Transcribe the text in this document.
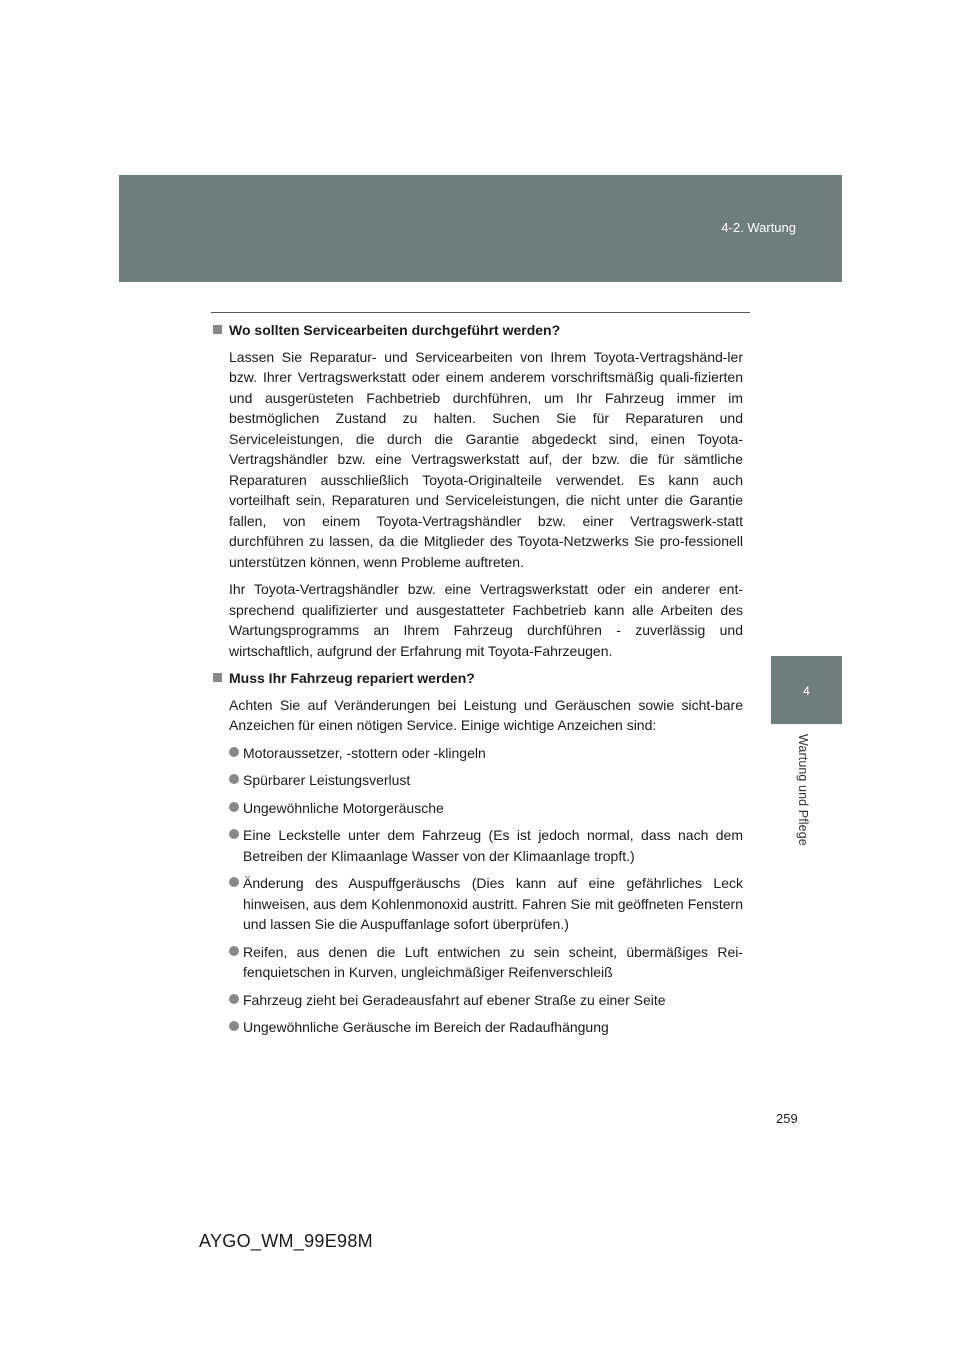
4-2. Wartung
4
Wartung und Pflege
Wo sollten Servicearbeiten durchgeführt werden?

Lassen Sie Reparatur- und Servicearbeiten von Ihrem Toyota-Vertragshänd-ler bzw. Ihrer Vertragswerkstatt oder einem anderem vorschriftsmäßig quali-fizierten und ausgerüsteten Fachbetrieb durchführen, um Ihr Fahrzeug immer im bestmöglichen Zustand zu halten. Suchen Sie für Reparaturen und Serviceleistungen, die durch die Garantie abgedeckt sind, einen Toyota-Vertragshändler bzw. eine Vertragswerkstatt auf, der bzw. die für sämtliche Reparaturen ausschließlich Toyota-Originalteile verwendet. Es kann auch vorteilhaft sein, Reparaturen und Serviceleistungen, die nicht unter die Garantie fallen, von einem Toyota-Vertragshändler bzw. einer Vertragswerk-statt durchführen zu lassen, da die Mitglieder des Toyota-Netzwerks Sie pro-fessionell unterstützen können, wenn Probleme auftreten.

Ihr Toyota-Vertragshändler bzw. eine Vertragswerkstatt oder ein anderer ent-sprechend qualifizierter und ausgestatteter Fachbetrieb kann alle Arbeiten des Wartungsprogramms an Ihrem Fahrzeug durchführen - zuverlässig und wirtschaftlich, aufgrund der Erfahrung mit Toyota-Fahrzeugen.

Muss Ihr Fahrzeug repariert werden?

Achten Sie auf Veränderungen bei Leistung und Geräuschen sowie sicht-bare Anzeichen für einen nötigen Service. Einige wichtige Anzeichen sind:

Motoraussetzer, -stottern oder -klingeln
Spürbarer Leistungsverlust
Ungewöhnliche Motorgeräusche
Eine Leckstelle unter dem Fahrzeug (Es ist jedoch normal, dass nach dem Betreiben der Klimaanlage Wasser von der Klimaanlage tropft.)
Änderung des Auspuffgeräuschs (Dies kann auf eine gefährliches Leck hinweisen, aus dem Kohlenmonoxid austritt. Fahren Sie mit geöffneten Fenstern und lassen Sie die Auspuffanlage sofort überprüfen.)
Reifen, aus denen die Luft entwichen zu sein scheint, übermäßiges Rei-fenquietschen in Kurven, ungleichmäßiger Reifenverschleiß
Fahrzeug zieht bei Geradeausfahrt auf ebener Straße zu einer Seite
Ungewöhnliche Geräusche im Bereich der Radaufhängung
259
AYGO_WM_99E98M
